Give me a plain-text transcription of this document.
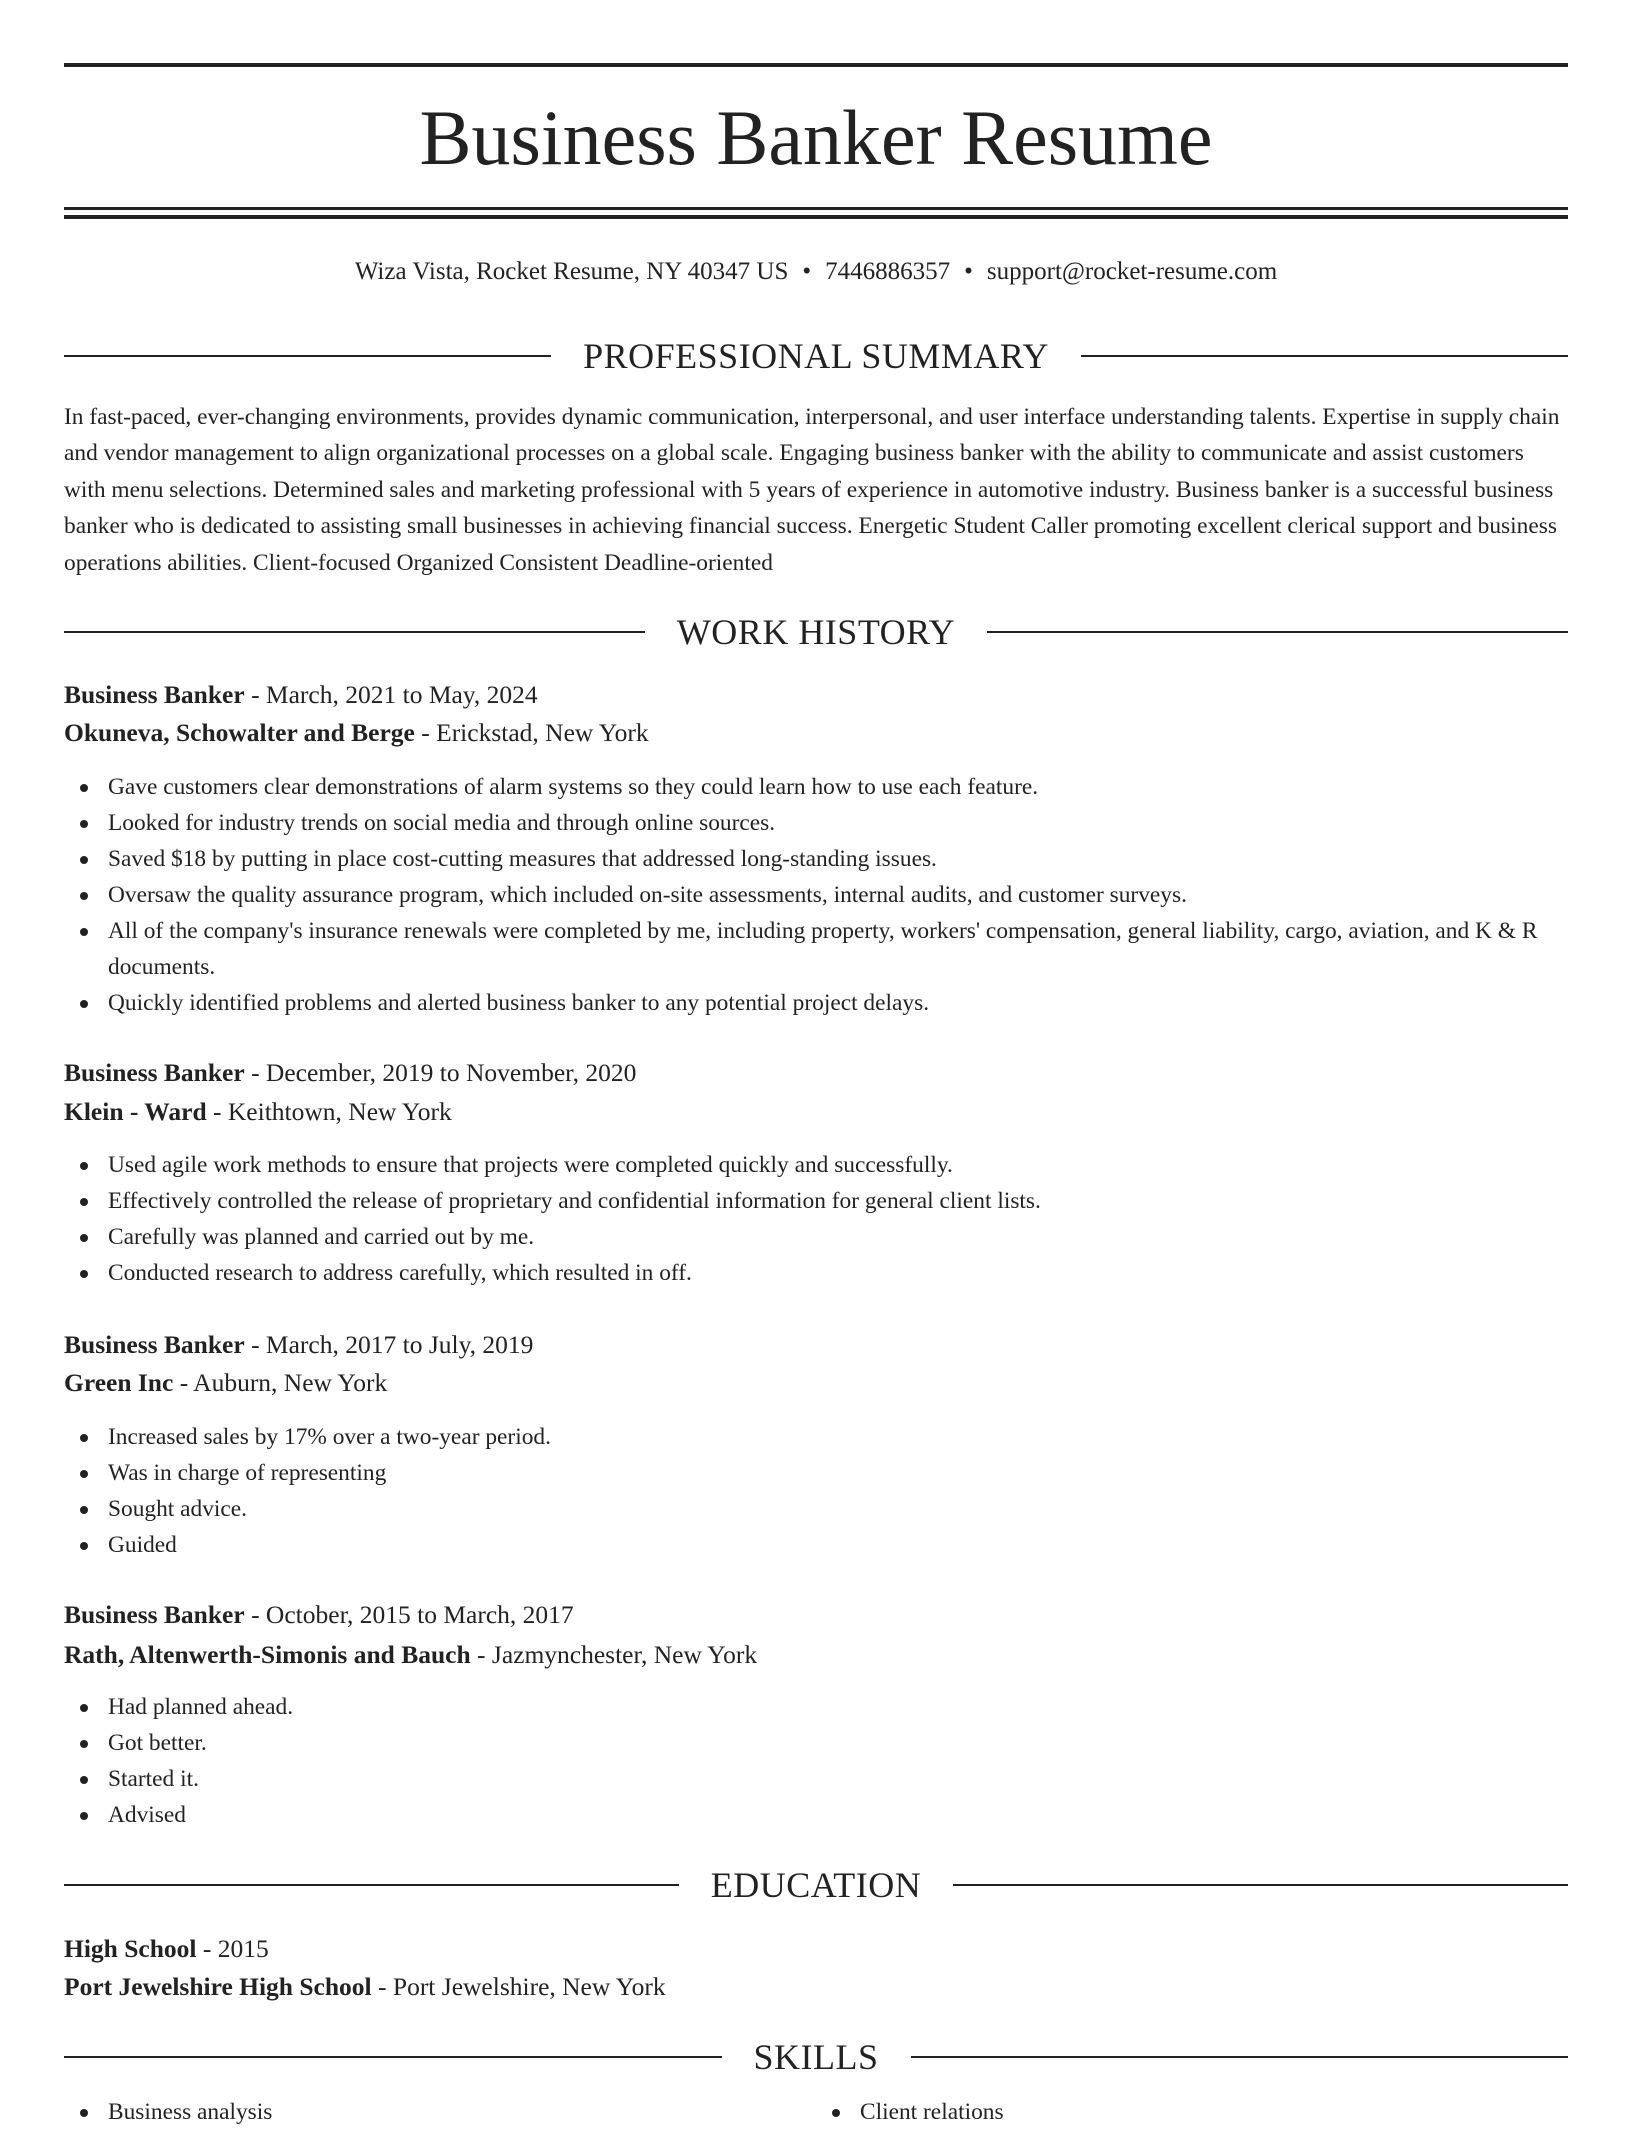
Business Banker Resume
Wiza Vista, Rocket Resume, NY 40347 US • 7446886357 • support@rocket-resume.com
PROFESSIONAL SUMMARY

In fast-paced, ever-changing environments, provides dynamic communication, interpersonal, and user interface understanding talents. Expertise in supply chain and vendor management to align organizational processes on a global scale. Engaging business banker with the ability to communicate and assist customers with menu selections. Determined sales and marketing professional with 5 years of experience in automotive industry. Business banker is a successful business banker who is dedicated to assisting small businesses in achieving financial success. Energetic Student Caller promoting excellent clerical support and business operations abilities. Client-focused Organized Consistent Deadline-oriented

WORK HISTORY
Business Banker - March, 2021 to May, 2024
Okuneva, Schowalter and Berge - Erickstad, New York
Gave customers clear demonstrations of alarm systems so they could learn how to use each feature.
Looked for industry trends on social media and through online sources.
Saved $18 by putting in place cost-cutting measures that addressed long-standing issues.
Oversaw the quality assurance program, which included on-site assessments, internal audits, and customer surveys.
All of the company's insurance renewals were completed by me, including property, workers' compensation, general liability, cargo, aviation, and K & R documents.
Quickly identified problems and alerted business banker to any potential project delays.
Business Banker - December, 2019 to November, 2020
Klein - Ward - Keithtown, New York
Used agile work methods to ensure that projects were completed quickly and successfully.
Effectively controlled the release of proprietary and confidential information for general client lists.
Carefully was planned and carried out by me.
Conducted research to address carefully, which resulted in off.
Business Banker - March, 2017 to July, 2019
Green Inc - Auburn, New York
Increased sales by 17% over a two-year period.
Was in charge of representing
Sought advice.
Guided
Business Banker - October, 2015 to March, 2017
Rath, Altenwerth-Simonis and Bauch - Jazmynchester, New York
Had planned ahead.
Got better.
Started it.
Advised
EDUCATION
High School - 2015
Port Jewelshire High School - Port Jewelshire, New York
SKILLS
Business analysis	Client relations
